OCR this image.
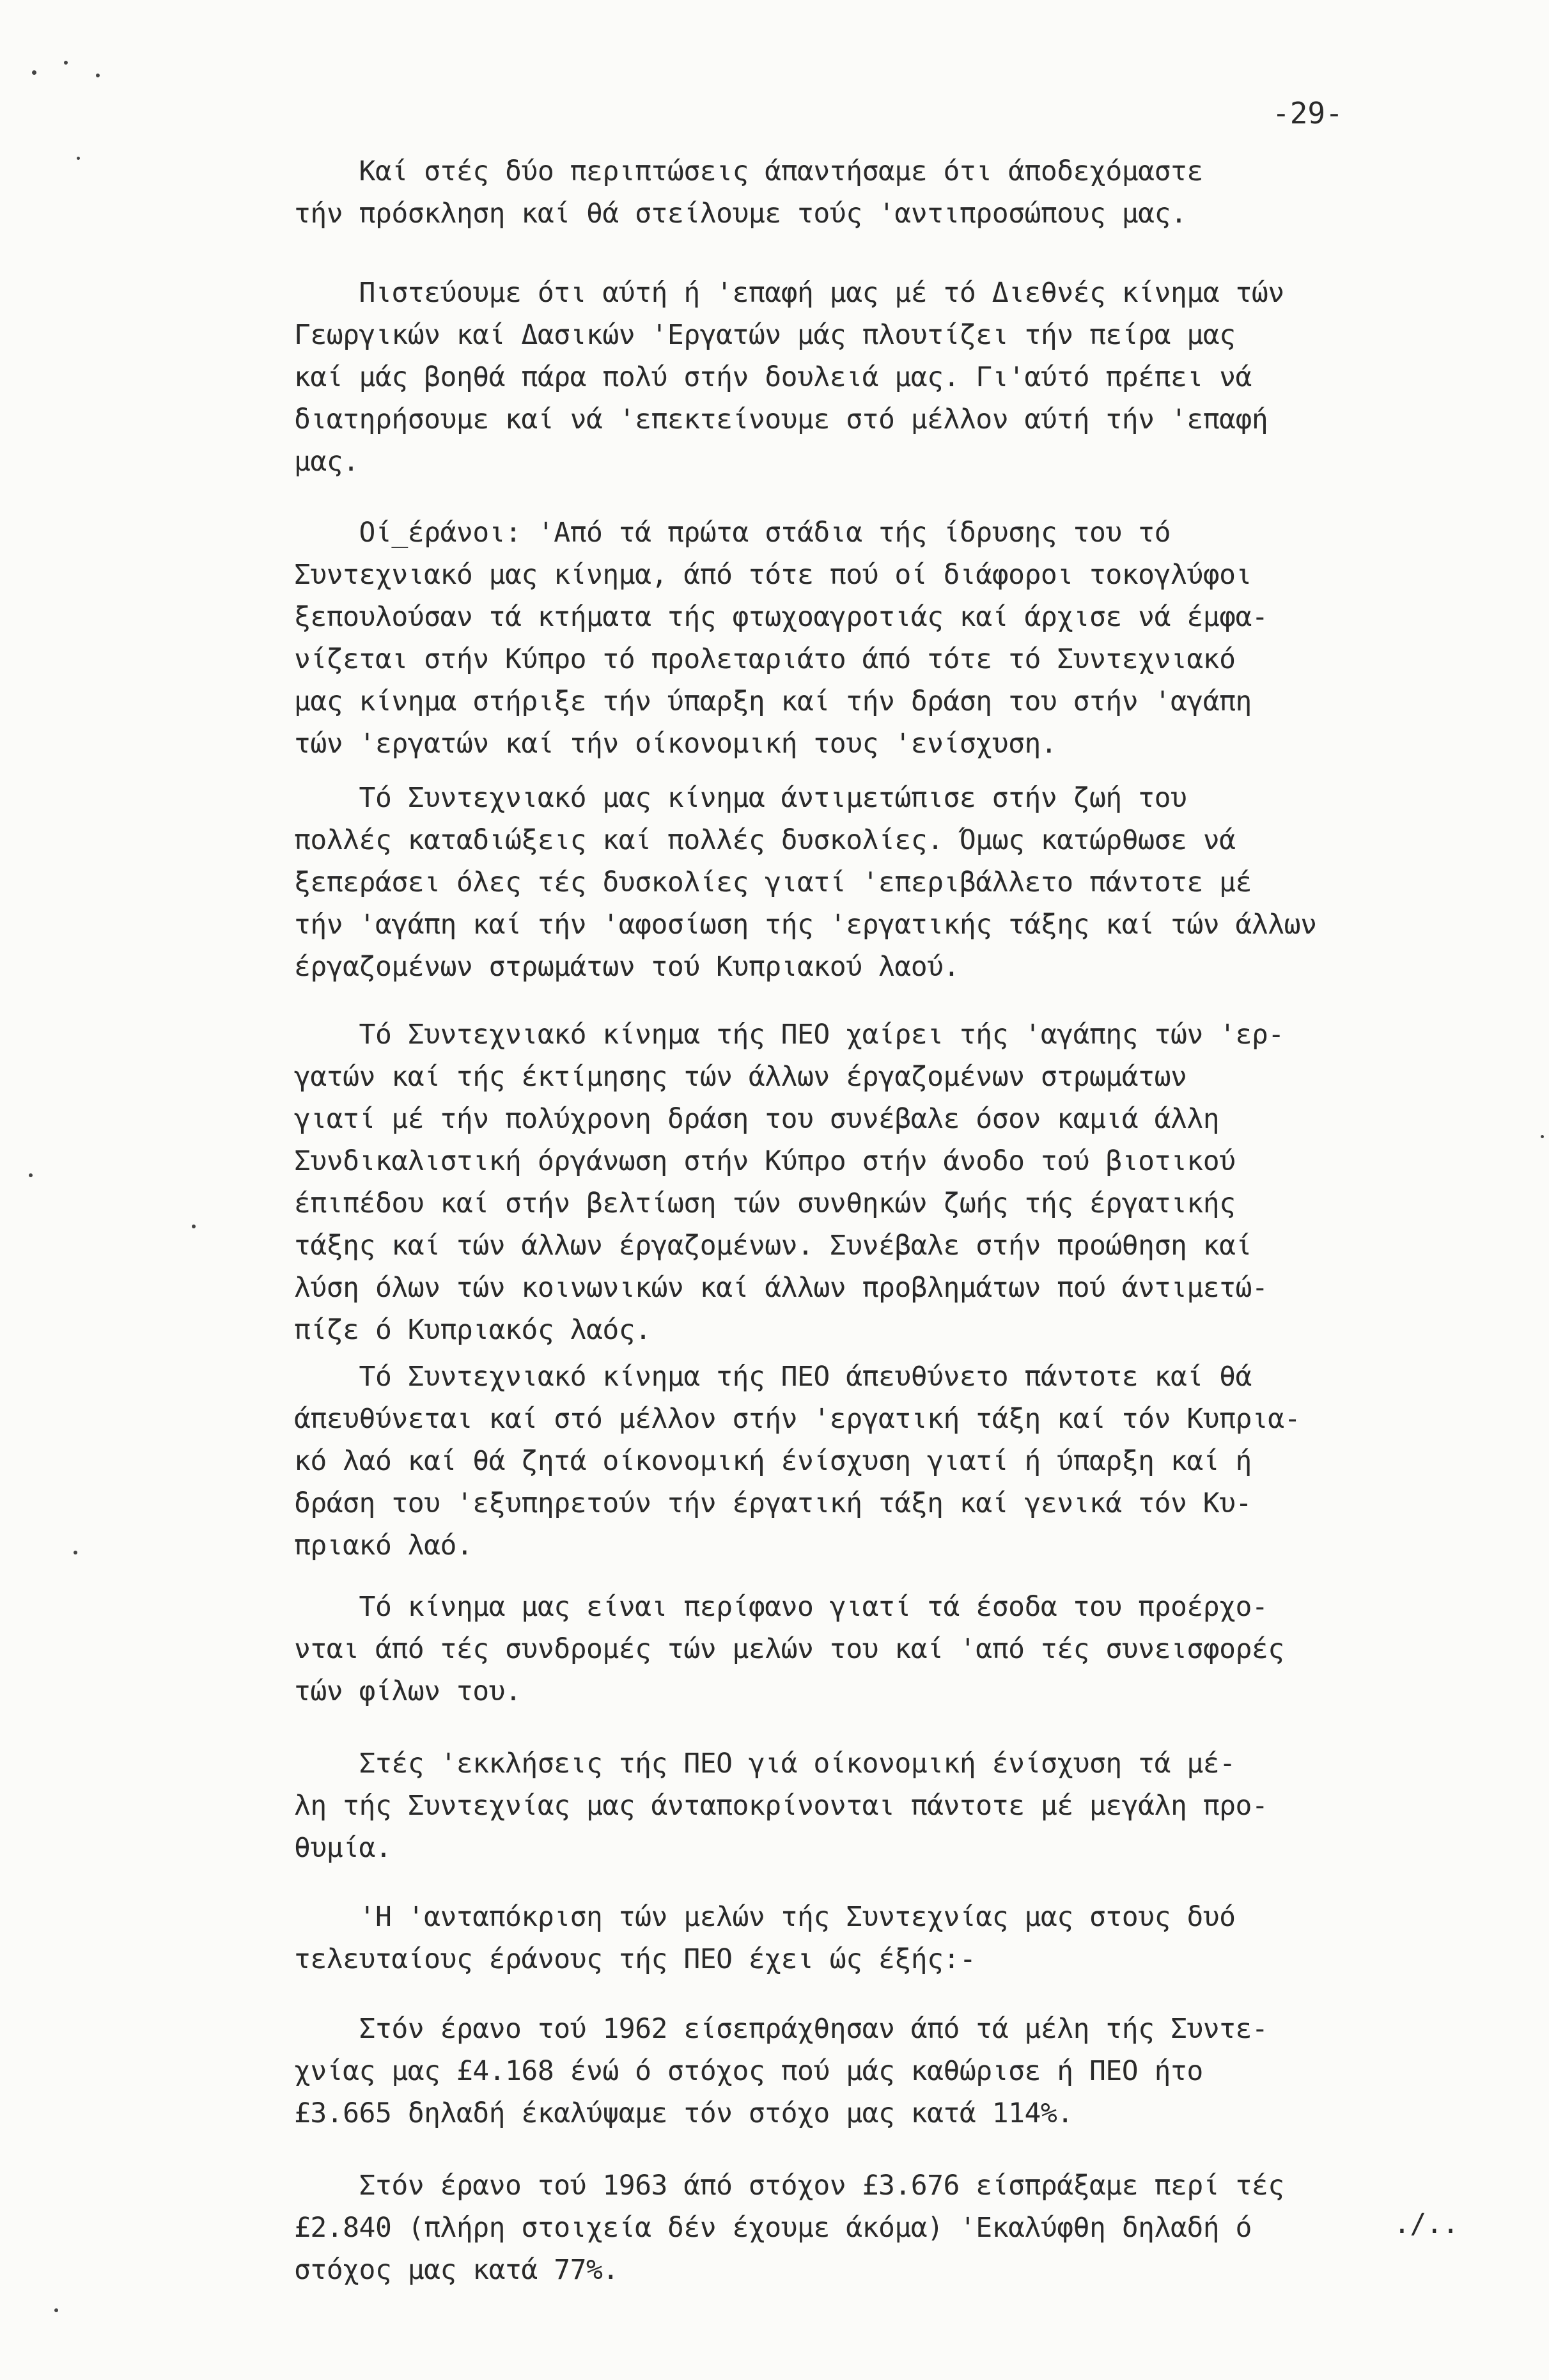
-29-
Καί στές δύο περιπτώσεις άπαντήσαμε ότι άποδεχόμαστε
τήν πρόσκληση καί θά στείλουμε τούς 'αντιπροσώπους μας.
Πιστεύουμε ότι αύτή ή 'επαφή μας μέ τό Διεθνές κίνημα τών
Γεωργικών καί Δασικών 'Εργατών μάς πλουτίζει τήν πείρα μας
καί μάς βοηθά πάρα πολύ στήν δουλειά μας. Γι'αύτό πρέπει νά
διατηρήσουμε καί νά 'επεκτείνουμε στό μέλλον αύτή τήν 'επαφή
μας.
Οί_έράνοι: 'Από τά πρώτα στάδια τής ίδρυσης του τό
Συντεχνιακό μας κίνημα, άπό τότε πού οί διάφοροι τοκογλύφοι
ξεπουλούσαν τά κτήματα τής φτωχοαγροτιάς καί άρχισε νά έμφα-
νίζεται στήν Κύπρο τό προλεταριάτο άπό τότε τό Συντεχνιακό
μας κίνημα στήριξε τήν ύπαρξη καί τήν δράση του στήν 'αγάπη
τών 'εργατών καί τήν οίκονομική τους 'ενίσχυση.
Τό Συντεχνιακό μας κίνημα άντιμετώπισε στήν ζωή του
πολλές καταδιώξεις καί πολλές δυσκολίες. Όμως κατώρθωσε νά
ξεπεράσει όλες τές δυσκολίες γιατί 'επεριβάλλετο πάντοτε μέ
τήν 'αγάπη καί τήν 'αφοσίωση τής 'εργατικής τάξης καί τών άλλων
έργαζομένων στρωμάτων τού Κυπριακού λαού.
Τό Συντεχνιακό κίνημα τής ΠΕΟ χαίρει τής 'αγάπης τών 'ερ-
γατών καί τής έκτίμησης τών άλλων έργαζομένων στρωμάτων
γιατί μέ τήν πολύχρονη δράση του συνέβαλε όσον καμιά άλλη
Συνδικαλιστική όργάνωση στήν Κύπρο στήν άνοδο τού βιοτικού
έπιπέδου καί στήν βελτίωση τών συνθηκών ζωής τής έργατικής
τάξης καί τών άλλων έργαζομένων. Συνέβαλε στήν προώθηση καί
λύση όλων τών κοινωνικών καί άλλων προβλημάτων πού άντιμετώ-
πίζε ό Κυπριακός λαός.
Τό Συντεχνιακό κίνημα τής ΠΕΟ άπευθύνετο πάντοτε καί θά
άπευθύνεται καί στό μέλλον στήν 'εργατική τάξη καί τόν Κυπρια-
κό λαό καί θά ζητά οίκονομική ένίσχυση γιατί ή ύπαρξη καί ή
δράση του 'εξυπηρετούν τήν έργατική τάξη καί γενικά τόν Κυ-
πριακό λαό.
Τό κίνημα μας είναι περίφανο γιατί τά έσοδα του προέρχο-
νται άπό τές συνδρομές τών μελών του καί 'από τές συνεισφορές
τών φίλων του.
Στές 'εκκλήσεις τής ΠΕΟ γιά οίκονομική ένίσχυση τά μέ-
λη τής Συντεχνίας μας άνταποκρίνονται πάντοτε μέ μεγάλη προ-
θυμία.
'Η 'ανταπόκριση τών μελών τής Συντεχνίας μας στους δυό
τελευταίους έράνους τής ΠΕΟ έχει ώς έξής:-
Στόν έρανο τού 1962 είσεπράχθησαν άπό τά μέλη τής Συντε-
χνίας μας £4.168 ένώ ό στόχος πού μάς καθώρισε ή ΠΕΟ ήτο
£3.665 δηλαδή έκαλύψαμε τόν στόχο μας κατά 114%.
Στόν έρανο τού 1963 άπό στόχον £3.676 είσπράξαμε περί τές
£2.840 (πλήρη στοιχεία δέν έχουμε άκόμα) 'Εκαλύφθη δηλαδή ό
στόχος μας κατά 77%.
./..
